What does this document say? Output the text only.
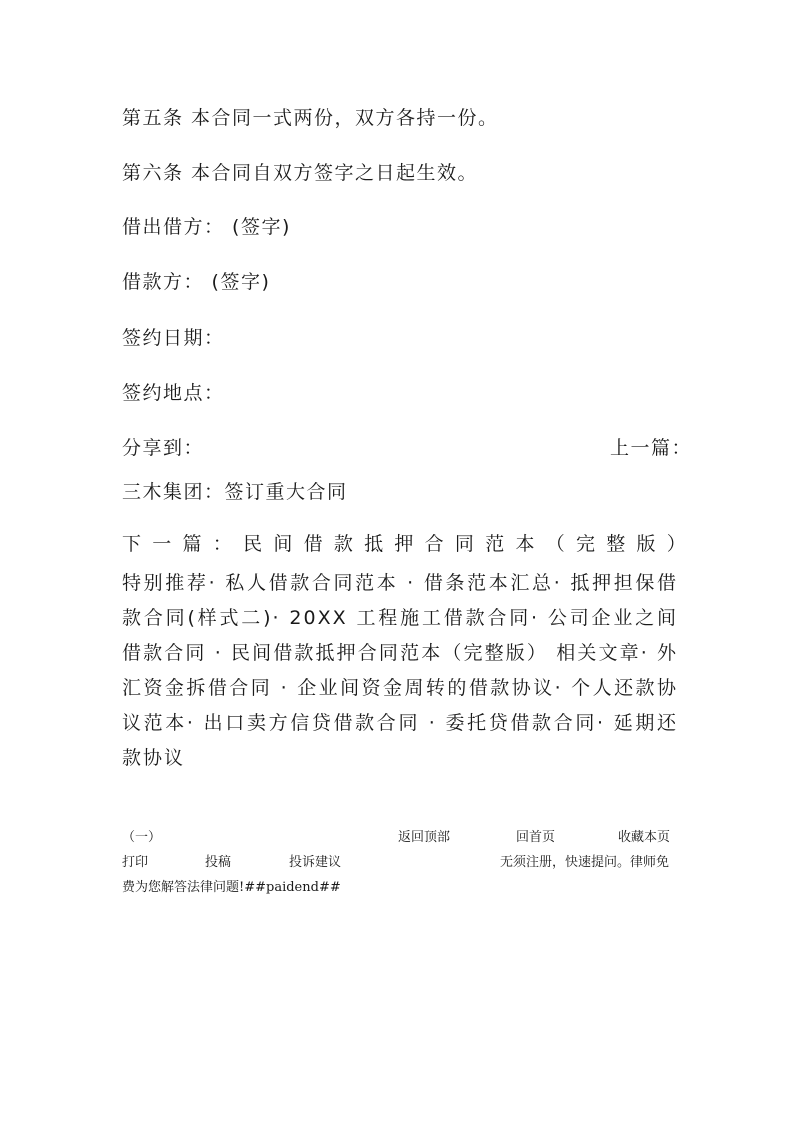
第五条 本合同一式两份，双方各持一份。
第六条 本合同自双方签字之日起生效。
借出借方： (签字)
借款方： (签字)
签约日期：
签约地点：
分享到：	上一篇：
三木集团：签订重大合同
下 一 篇 ： 民 间 借 款 抵 押 合 同 范 本 （ 完 整 版 ）
特别推荐· 私人借款合同范本 · 借条范本汇总· 抵押担保借款合同(样式二)· 20XX 工程施工借款合同· 公司企业之间借款合同 · 民间借款抵押合同范本（完整版） 相关文章· 外汇资金拆借合同 · 企业间资金周转的借款协议· 个人还款协议范本· 出口卖方信贷借款合同 · 委托贷借款合同· 延期还款协议
（一）	返回顶部	回首页	收藏本页
打印	投稿	投诉建议	无须注册，快速提问。律师免
费为您解答法律问题!##paidend##
